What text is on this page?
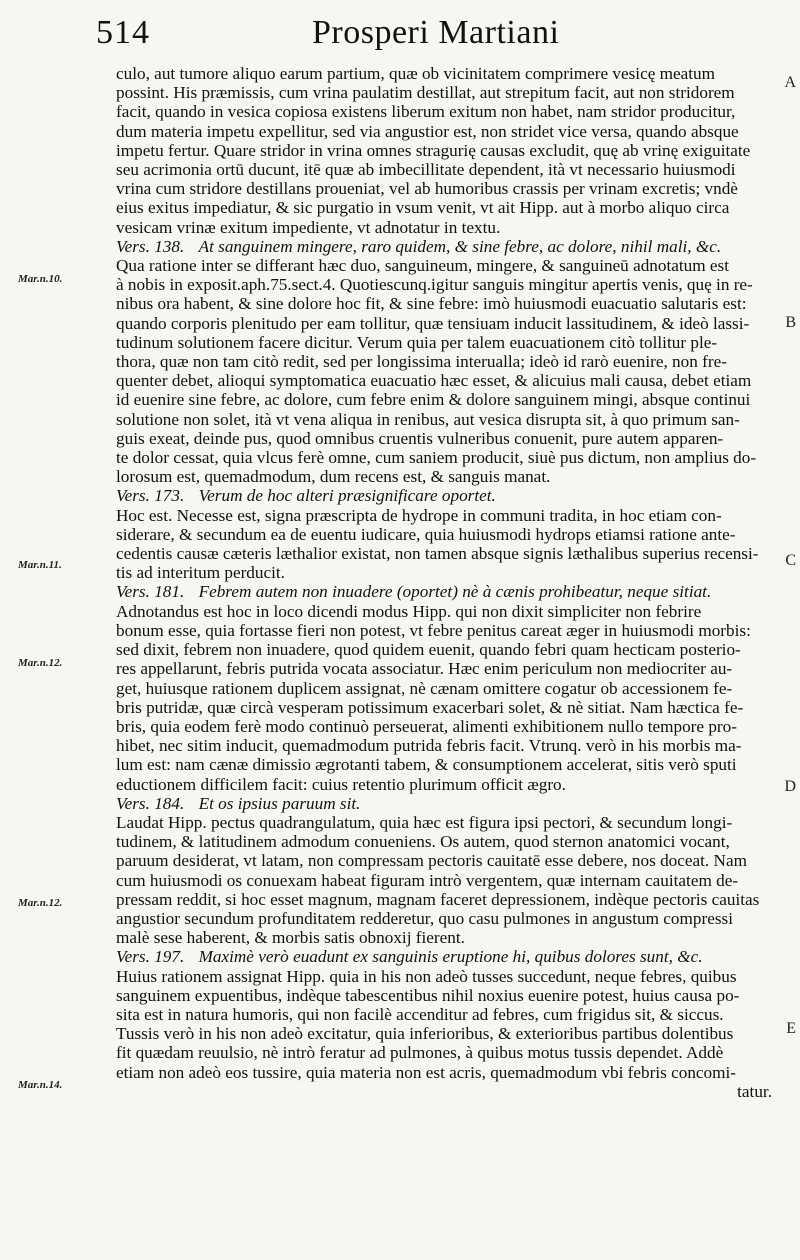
514	Prosperi Martiani
Mar.n.10.
Mar.n.11.
Mar.n.12.
Mar.n.12.
Mar.n.14.
A
B
C
D
E
culo, aut tumore aliquo earum partium, quæ ob vicinitatem comprimere vesicę meatum
possint. His præmissis, cum vrina paulatim destillat, aut strepitum facit, aut non stridorem
facit, quando in vesica copiosa existens liberum exitum non habet, nam stridor producitur,
dum materia impetu expellitur, sed via angustior est, non stridet vice versa, quando absque
impetu fertur. Quare stridor in vrina omnes stragurię causas excludit, quę ab vrinę exiguitate
seu acrimonia ortū ducunt, itē quæ ab imbecillitate dependent, ità vt necessario huiusmodi
vrina cum stridore destillans proueniat, vel ab humoribus crassis per vrinam excretis; vndè
eius exitus impediatur, & sic purgatio in vsum venit, vt ait Hipp. aut à morbo aliquo circa
vesicam vrinæ exitum impediente, vt adnotatur in textu.
Vers. 138. At sanguinem mingere, raro quidem, & sine febre, ac dolore, nihil mali, &c.
Qua ratione inter se differant hæc duo, sanguineum, mingere, & sanguineū adnotatum est
à nobis in exposit.aph.75.sect.4. Quotiescunq.igitur sanguis mingitur apertis venis, quę in re-
nibus ora habent, & sine dolore hoc fit, & sine febre: imò huiusmodi euacuatio salutaris est:
quando corporis plenitudo per eam tollitur, quæ tensiuam inducit lassitudinem, & ideò lassi-
tudinum solutionem facere dicitur. Verum quia per talem euacuationem citò tollitur ple-
thora, quæ non tam citò redit, sed per longissima interualla; ideò id rarò euenire, non fre-
quenter debet, alioqui symptomatica euacuatio hæc esset, & alicuius mali causa, debet etiam
id euenire sine febre, ac dolore, cum febre enim & dolore sanguinem mingi, absque continui
solutione non solet, ità vt vena aliqua in renibus, aut vesica disrupta sit, à quo primum san-
guis exeat, deinde pus, quod omnibus cruentis vulneribus conuenit, pure autem apparen-
te dolor cessat, quia vlcus ferè omne, cum saniem producit, siuè pus dictum, non amplius do-
lorosum est, quemadmodum, dum recens est, & sanguis manat.
Vers. 173. Verum de hoc alteri præsignificare oportet.
Hoc est. Necesse est, signa præscripta de hydrope in communi tradita, in hoc etiam con-
siderare, & secundum ea de euentu iudicare, quia huiusmodi hydrops etiamsi ratione ante-
cedentis causæ cæteris læthalior existat, non tamen absque signis læthalibus superius recensi-
tis ad interitum perducit.
Vers. 181. Febrem autem non inuadere (oportet) nè à cænis prohibeatur, neque sitiat.
Adnotandus est hoc in loco dicendi modus Hipp. qui non dixit simpliciter non febrire
bonum esse, quia fortasse fieri non potest, vt febre penitus careat æger in huiusmodi morbis:
sed dixit, febrem non inuadere, quod quidem euenit, quando febri quam hecticam posterio-
res appellarunt, febris putrida vocata associatur. Hæc enim periculum non mediocriter au-
get, huiusque rationem duplicem assignat, nè cænam omittere cogatur ob accessionem fe-
bris putridæ, quæ circà vesperam potissimum exacerbari solet, & nè sitiat. Nam hæctica fe-
bris, quia eodem ferè modo continuò perseuerat, alimenti exhibitionem nullo tempore pro-
hibet, nec sitim inducit, quemadmodum putrida febris facit. Vtrunq. verò in his morbis ma-
lum est: nam cænæ dimissio ægrotanti tabem, & consumptionem accelerat, sitis verò sputi
eductionem difficilem facit: cuius retentio plurimum officit ægro.
Vers. 184. Et os ipsius paruum sit.
Laudat Hipp. pectus quadrangulatum, quia hæc est figura ipsi pectori, & secundum longi-
tudinem, & latitudinem admodum conueniens. Os autem, quod sternon anatomici vocant,
paruum desiderat, vt latam, non compressam pectoris cauitatē esse debere, nos doceat. Nam
cum huiusmodi os conuexam habeat figuram intrò vergentem, quæ internam cauitatem de-
pressam reddit, si hoc esset magnum, magnam faceret depressionem, indèque pectoris cauitas
angustior secundum profunditatem redderetur, quo casu pulmones in angustum compressi
malè sese haberent, & morbis satis obnoxij fierent.
Vers. 197. Maximè verò euadunt ex sanguinis eruptione hi, quibus dolores sunt, &c.
Huius rationem assignat Hipp. quia in his non adeò tusses succedunt, neque febres, quibus
sanguinem expuentibus, indèque tabescentibus nihil noxius euenire potest, huius causa po-
sita est in natura humoris, qui non facilè accenditur ad febres, cum frigidus sit, & siccus.
Tussis verò in his non adeò excitatur, quia inferioribus, & exterioribus partibus dolentibus
fit quædam reuulsio, nè intrò feratur ad pulmones, à quibus motus tussis dependet. Addè
etiam non adeò eos tussire, quia materia non est acris, quemadmodum vbi febris concomi-
tatur.
